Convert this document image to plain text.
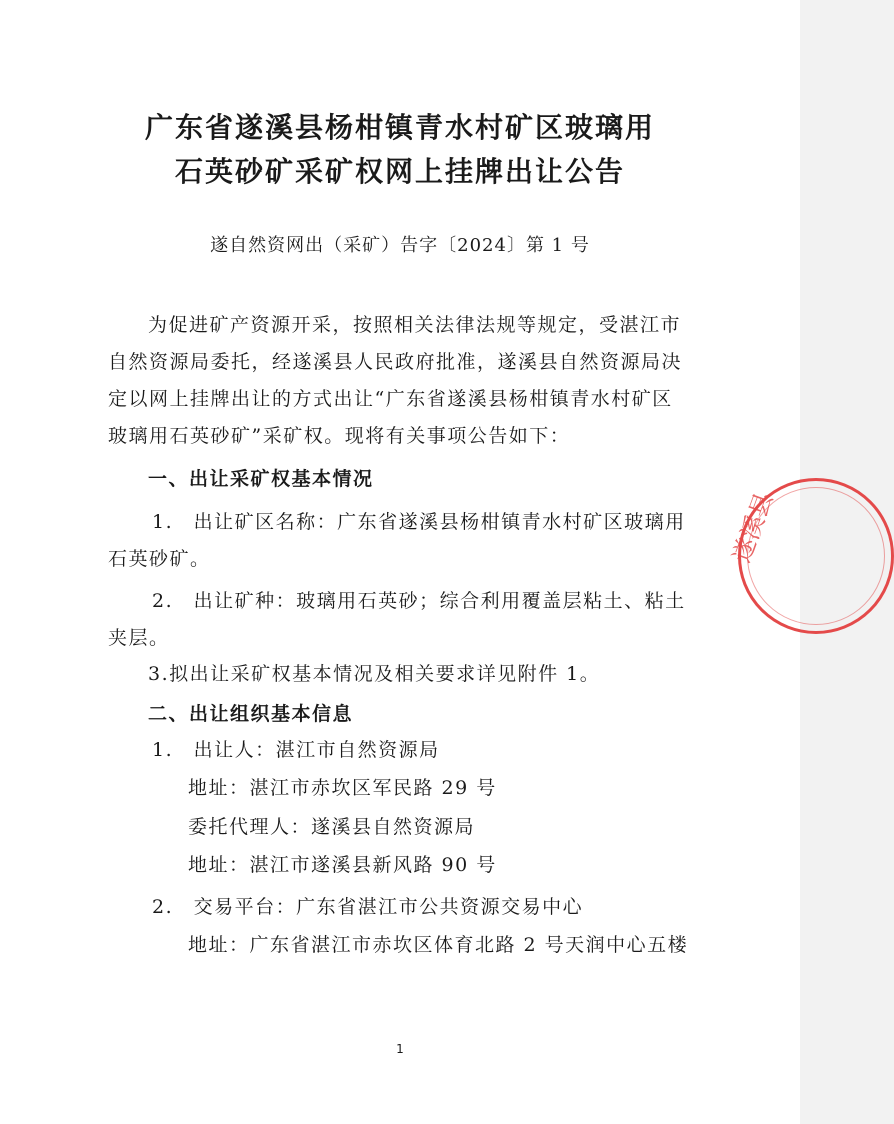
广东省遂溪县杨柑镇青水村矿区玻璃用
石英砂矿采矿权网上挂牌出让公告
遂自然资网出（采矿）告字〔2024〕第 1 号
为促进矿产资源开采，按照相关法律法规等规定，受湛江市
自然资源局委托，经遂溪县人民政府批准，遂溪县自然资源局决
定以网上挂牌出让的方式出让“广东省遂溪县杨柑镇青水村矿区
玻璃用石英砂矿”采矿权。现将有关事项公告如下：
一、出让采矿权基本情况
1.　出让矿区名称：广东省遂溪县杨柑镇青水村矿区玻璃用
石英砂矿。
2.　出让矿种：玻璃用石英砂；综合利用覆盖层粘土、粘土
夹层。
3.拟出让采矿权基本情况及相关要求详见附件 1。
二、出让组织基本信息
1.　出让人：湛江市自然资源局
地址：湛江市赤坎区军民路 29 号
委托代理人：遂溪县自然资源局
地址：湛江市遂溪县新风路 90 号
2.　交易平台：广东省湛江市公共资源交易中心
地址：广东省湛江市赤坎区体育北路 2 号天润中心五楼
遂溪县
1
